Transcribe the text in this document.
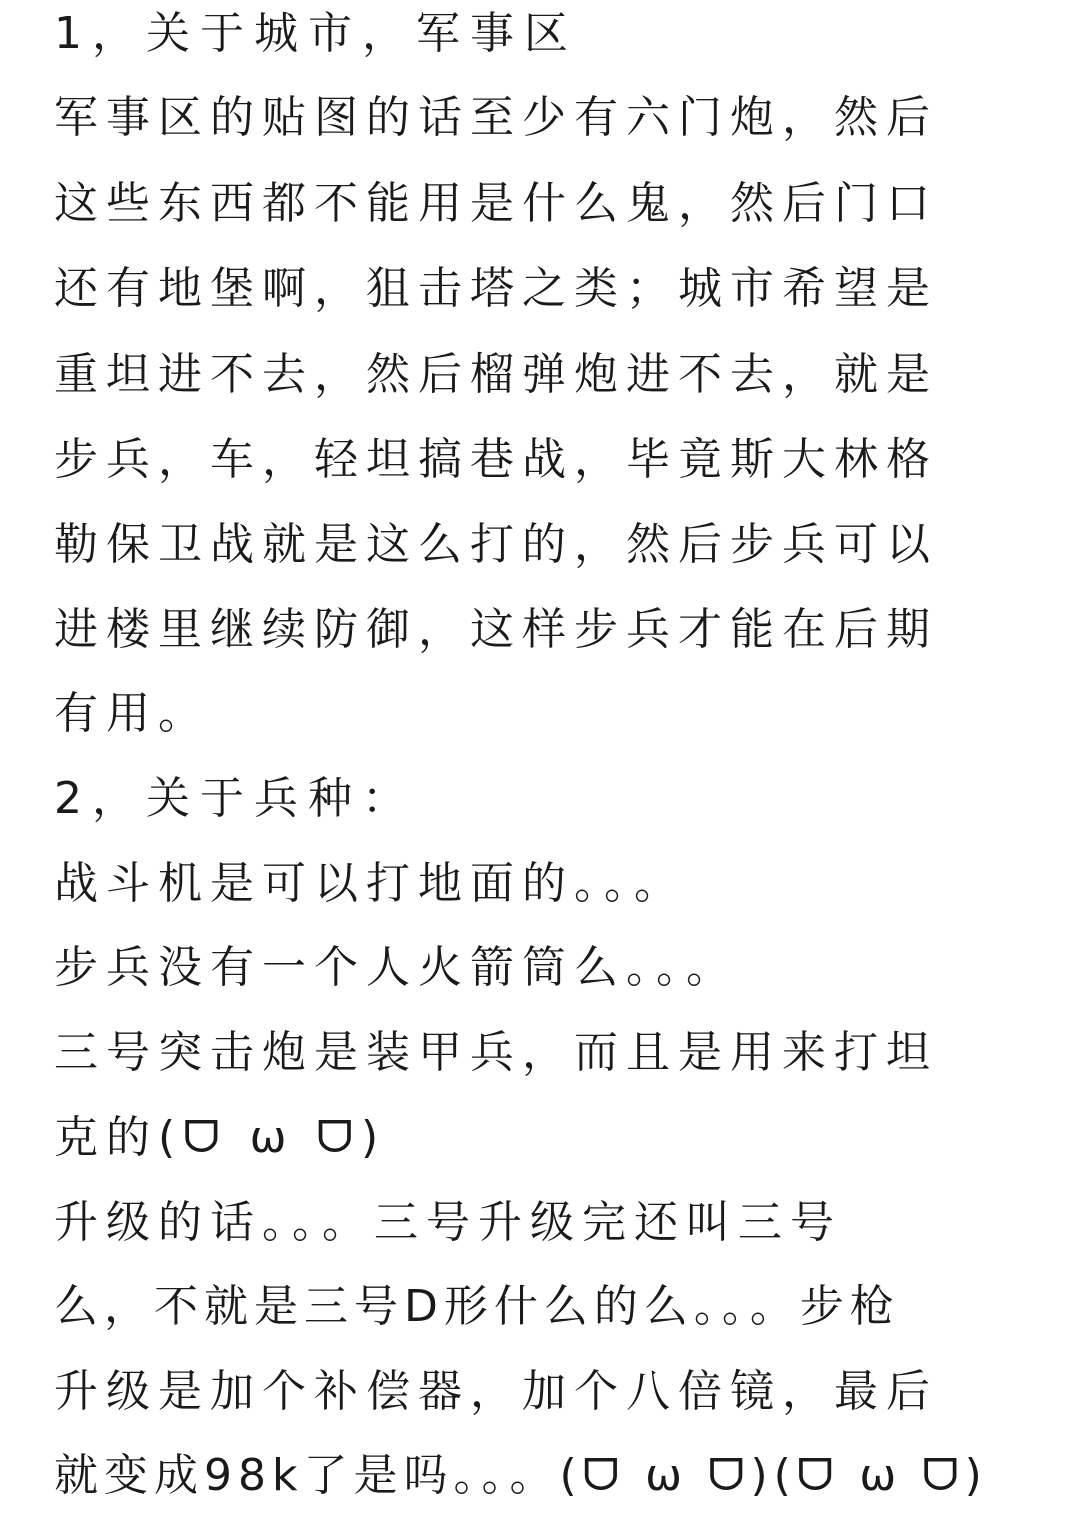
1，关于城市，军事区

军事区的贴图的话至少有六门炮，然后

这些东西都不能用是什么鬼，然后门口

还有地堡啊，狙击塔之类；城市希望是

重坦进不去，然后榴弹炮进不去，就是

步兵，车，轻坦搞巷战，毕竟斯大林格

勒保卫战就是这么打的，然后步兵可以

进楼里继续防御，这样步兵才能在后期

有用。

2，关于兵种：

战斗机是可以打地面的。。。

步兵没有一个人火箭筒么。。。

三号突击炮是装甲兵，而且是用来打坦

克的(ᗜ ω ᗜ)

升级的话。。。三号升级完还叫三号

么，不就是三号D形什么的么。。。步枪

升级是加个补偿器，加个八倍镜，最后

就变成98k了是吗。。。(ᗜ ω ᗜ)(ᗜ ω ᗜ)
